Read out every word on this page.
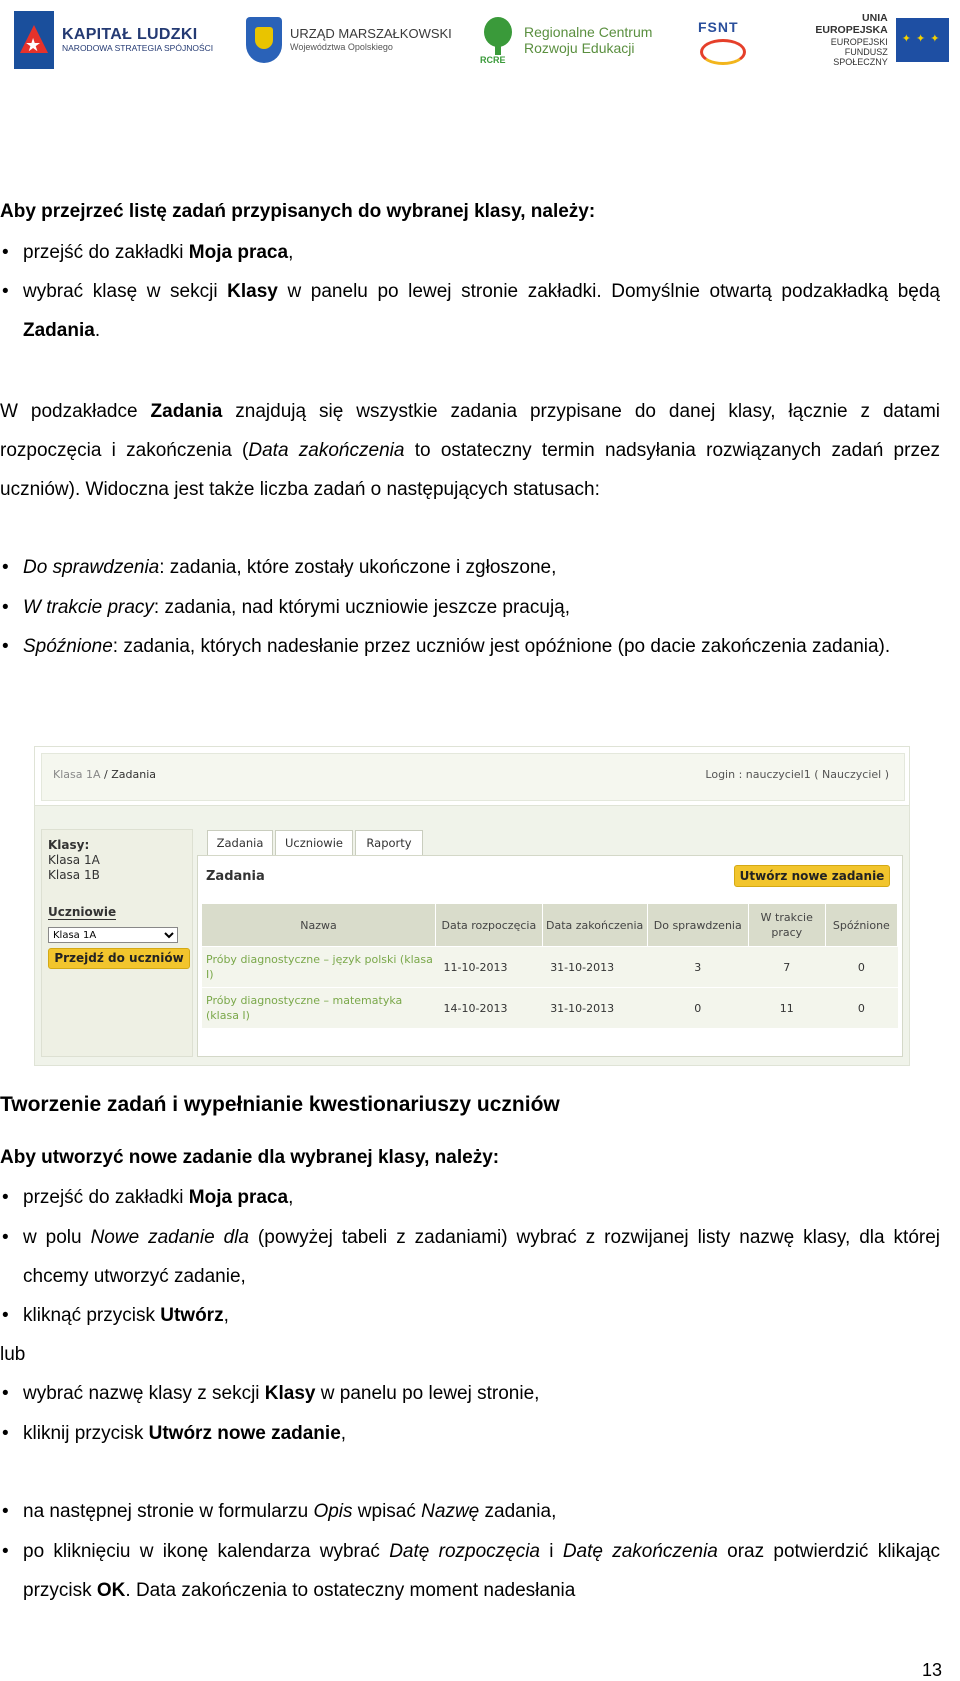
★
KAPITAŁ LUDZKI
NARODOWA STRATEGIA SPÓJNOŚCI
URZĄD MARSZAŁKOWSKI
Województwa Opolskiego
RCRE
Regionalne Centrum
Rozwoju Edukacji
FSNT
UNIA EUROPEJSKA
EUROPEJSKI
FUNDUSZ SPOŁECZNY
✦ ✦ ✦
Aby przejrzeć listę zadań przypisanych do wybranej klasy, należy:
• przejść do zakładki Moja praca,
• wybrać klasę w sekcji Klasy w panelu po lewej stronie zakładki. Domyślnie otwartą podzakładką będą Zadania.
W podzakładce Zadania znajdują się wszystkie zadania przypisane do danej klasy, łącznie z datami rozpoczęcia i zakończenia (Data zakończenia to ostateczny termin nadsyłania rozwiązanych zadań przez uczniów). Widoczna jest także liczba zadań o następujących statusach:
• Do sprawdzenia: zadania, które zostały ukończone i zgłoszone,
• W trakcie pracy: zadania, nad którymi uczniowie jeszcze pracują,
• Spóźnione: zadania, których nadesłanie przez uczniów jest opóźnione (po dacie zakończenia zadania).
Klasa 1A / Zadania	Login : nauczyciel1 ( Nauczyciel )
Klasy:
Klasa 1A
Klasa 1B
Uczniowie
Klasa 1A
Przejdź do uczniów
Zadania	Uczniowie	Raporty
Zadania	Utwórz nowe zadanie
Nazwa	Data rozpoczęcia	Data zakończenia	Do sprawdzenia	W trakcie pracy	Spóźnione
Próby diagnostyczne – język polski (klasa I)	11-10-2013	31-10-2013	3	7	0
Próby diagnostyczne – matematyka (klasa I)	14-10-2013	31-10-2013	0	11	0
Tworzenie zadań i wypełnianie kwestionariuszy uczniów
Aby utworzyć nowe zadanie dla wybranej klasy, należy:
• przejść do zakładki Moja praca,
• w polu Nowe zadanie dla (powyżej tabeli z zadaniami) wybrać z rozwijanej listy nazwę klasy, dla której chcemy utworzyć zadanie,
• kliknąć przycisk Utwórz,
lub
• wybrać nazwę klasy z sekcji Klasy w panelu po lewej stronie,
• kliknij przycisk Utwórz nowe zadanie,
• na następnej stronie w formularzu Opis wpisać Nazwę zadania,
• po kliknięciu w ikonę kalendarza wybrać Datę rozpoczęcia i Datę zakończenia oraz potwierdzić klikając przycisk OK. Data zakończenia to ostateczny moment nadesłania
13
